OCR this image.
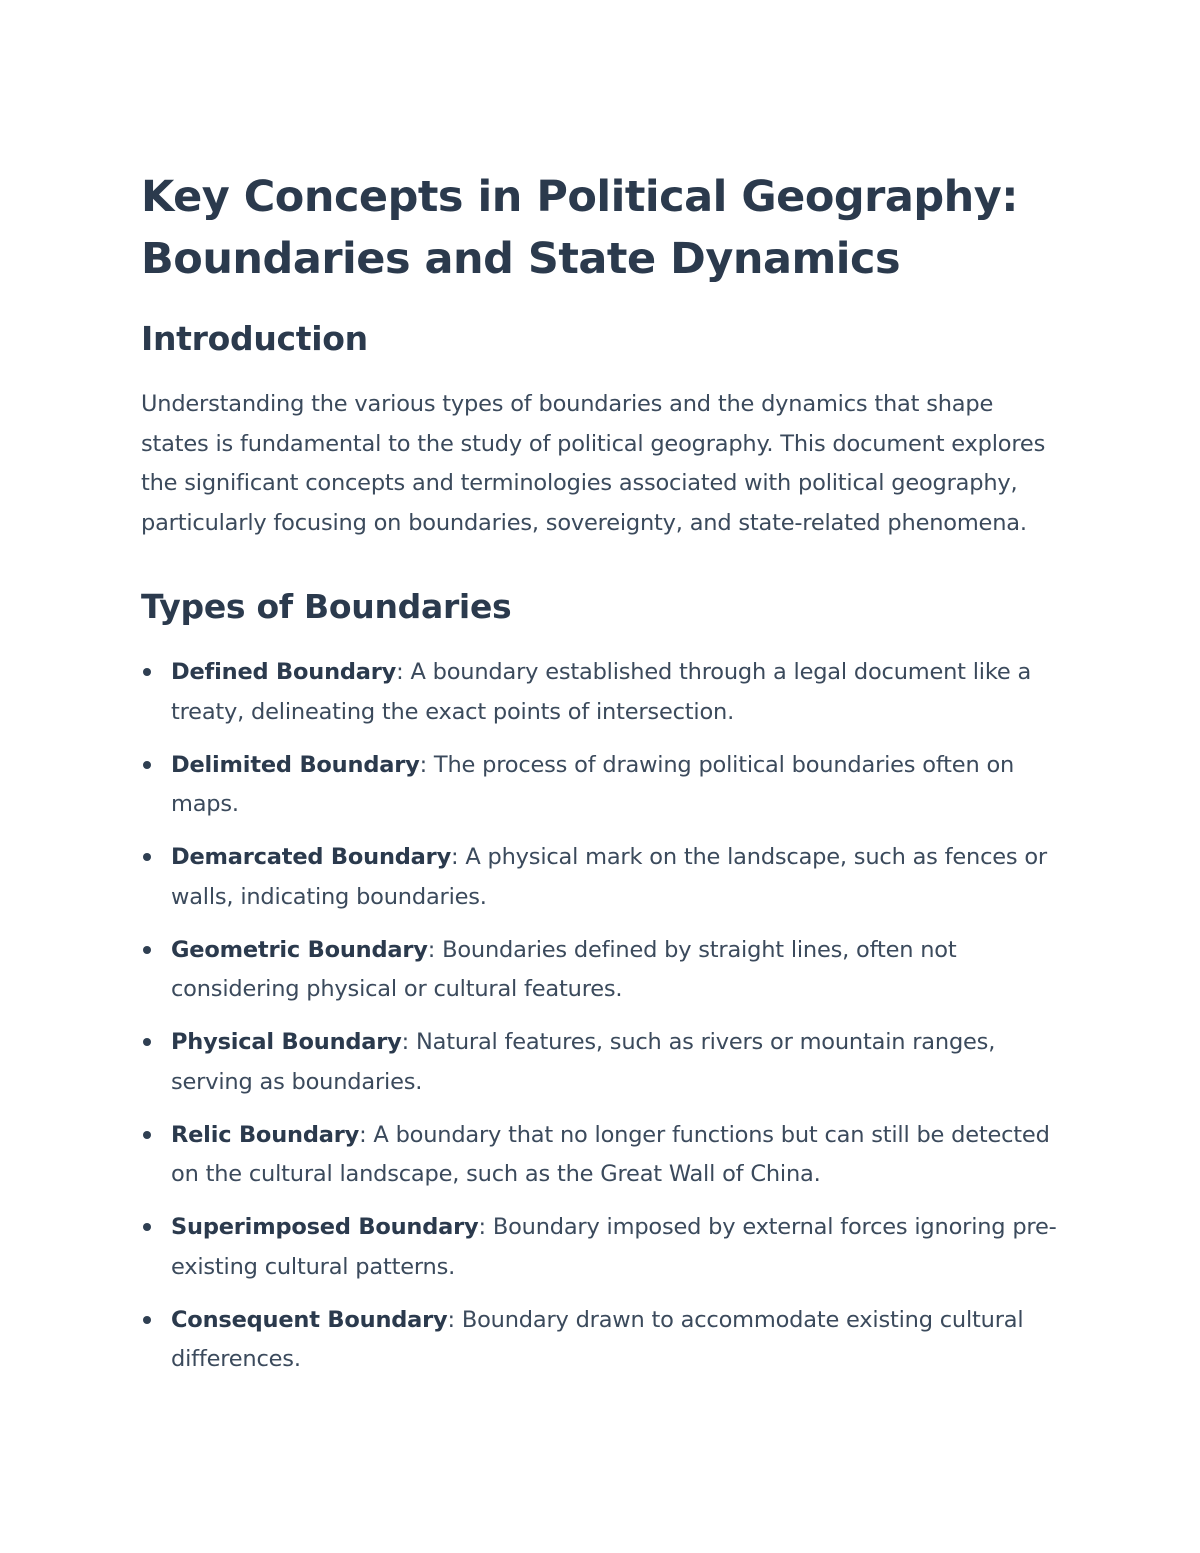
Key Concepts in Political Geography: Boundaries and State Dynamics
Introduction

Understanding the various types of boundaries and the dynamics that shape states is fundamental to the study of political geography. This document explores the significant concepts and terminologies associated with political geography, particularly focusing on boundaries, sovereignty, and state-related phenomena.

Types of Boundaries
Defined Boundary: A boundary established through a legal document like a treaty, delineating the exact points of intersection.
Delimited Boundary: The process of drawing political boundaries often on maps.
Demarcated Boundary: A physical mark on the landscape, such as fences or walls, indicating boundaries.
Geometric Boundary: Boundaries defined by straight lines, often not considering physical or cultural features.
Physical Boundary: Natural features, such as rivers or mountain ranges, serving as boundaries.
Relic Boundary: A boundary that no longer functions but can still be detected on the cultural landscape, such as the Great Wall of China.
Superimposed Boundary: Boundary imposed by external forces ignoring pre-existing cultural patterns.
Consequent Boundary: Boundary drawn to accommodate existing cultural differences.
